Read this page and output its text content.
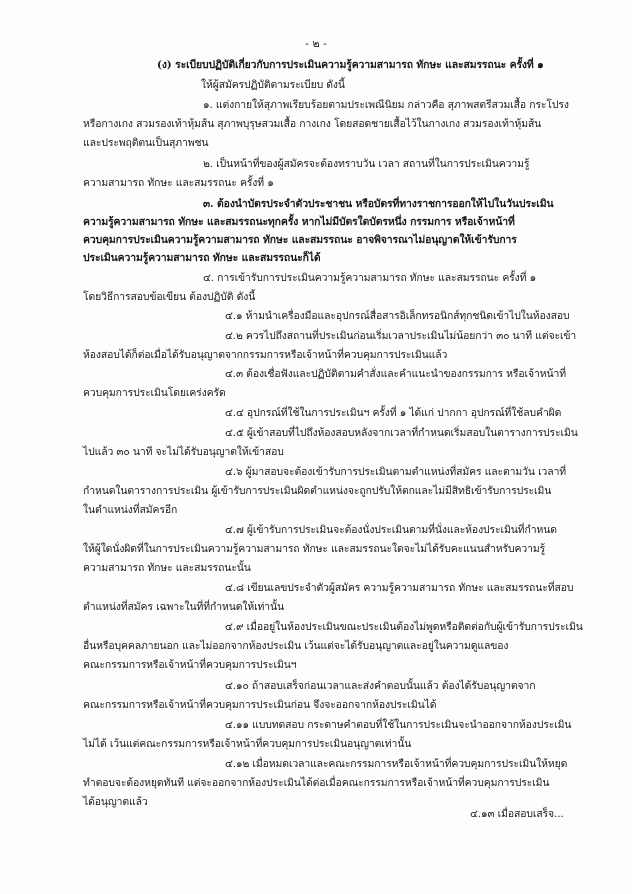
- ๒ -
(ง) ระเบียบปฏิบัติเกี่ยวกับการประเมินความรู้ความสามารถ ทักษะ และสมรรถนะ ครั้งที่ ๑
ให้ผู้สมัครปฏิบัติตามระเบียบ ดังนี้
๑. แต่งกายให้สุภาพเรียบร้อยตามประเพณีนิยม กล่าวคือ สุภาพสตรีสวมเสื้อ กระโปรง
หรือกางเกง สวมรองเท้าหุ้มส้น สุภาพบุรุษสวมเสื้อ กางเกง โดยสอดชายเสื้อไว้ในกางเกง สวมรองเท้าหุ้มส้น
และประพฤติตนเป็นสุภาพชน
๒. เป็นหน้าที่ของผู้สมัครจะต้องทราบวัน เวลา สถานที่ในการประเมินความรู้
ความสามารถ ทักษะ และสมรรถนะ ครั้งที่ ๑
๓. ต้องนำบัตรประจำตัวประชาชน หรือบัตรที่ทางราชการออกให้ไปในวันประเมิน
ความรู้ความสามารถ ทักษะ และสมรรถนะทุกครั้ง หากไม่มีบัตรใดบัตรหนึ่ง กรรมการ หรือเจ้าหน้าที่
ควบคุมการประเมินความรู้ความสามารถ ทักษะ และสมรรถนะ อาจพิจารณาไม่อนุญาตให้เข้ารับการ
ประเมินความรู้ความสามารถ ทักษะ และสมรรถนะก็ได้
๔. การเข้ารับการประเมินความรู้ความสามารถ ทักษะ และสมรรถนะ ครั้งที่ ๑
โดยวิธีการสอบข้อเขียน ต้องปฏิบัติ ดังนี้
๔.๑ ห้ามนำเครื่องมือและอุปกรณ์สื่อสารอิเล็กทรอนิกส์ทุกชนิดเข้าไปในห้องสอบ
๔.๒ ควรไปถึงสถานที่ประเมินก่อนเริ่มเวลาประเมินไม่น้อยกว่า ๓๐ นาที แต่จะเข้า
ห้องสอบได้ก็ต่อเมื่อได้รับอนุญาตจากกรรมการหรือเจ้าหน้าที่ควบคุมการประเมินแล้ว
๔.๓ ต้องเชื่อฟังและปฏิบัติตามคำสั่งและคำแนะนำของกรรมการ หรือเจ้าหน้าที่
ควบคุมการประเมินโดยเคร่งครัด
๔.๔ อุปกรณ์ที่ใช้ในการประเมินฯ ครั้งที่ ๑ ได้แก่ ปากกา อุปกรณ์ที่ใช้ลบคำผิด
๔.๕ ผู้เข้าสอบที่ไปถึงห้องสอบหลังจากเวลาที่กำหนดเริ่มสอบในตารางการประเมิน
ไปแล้ว ๓๐ นาที จะไม่ได้รับอนุญาตให้เข้าสอบ
๔.๖ ผู้มาสอบจะต้องเข้ารับการประเมินตามตำแหน่งที่สมัคร และตามวัน เวลาที่
กำหนดในตารางการประเมิน ผู้เข้ารับการประเมินผิดตำแหน่งจะถูกปรับให้ตกและไม่มีสิทธิเข้ารับการประเมิน
ในตำแหน่งที่สมัครอีก
๔.๗ ผู้เข้ารับการประเมินจะต้องนั่งประเมินตามที่นั่งและห้องประเมินที่กำหนด
ให้ผู้ใดนั่งผิดที่ในการประเมินความรู้ความสามารถ ทักษะ และสมรรถนะใดจะไม่ได้รับคะแนนสำหรับความรู้
ความสามารถ ทักษะ และสมรรถนะนั้น
๔.๘ เขียนเลขประจำตัวผู้สมัคร ความรู้ความสามารถ ทักษะ และสมรรถนะที่สอบ
ตำแหน่งที่สมัคร เฉพาะในที่ที่กำหนดให้เท่านั้น
๔.๙ เมื่ออยู่ในห้องประเมินขณะประเมินต้องไม่พูดหรือติดต่อกับผู้เข้ารับการประเมิน
อื่นหรือบุคคลภายนอก และไม่ออกจากห้องประเมิน เว้นแต่จะได้รับอนุญาตและอยู่ในความดูแลของ
คณะกรรมการหรือเจ้าหน้าที่ควบคุมการประเมินฯ
๔.๑๐ ถ้าสอบเสร็จก่อนเวลาและส่งคำตอบนั้นแล้ว ต้องได้รับอนุญาตจาก
คณะกรรมการหรือเจ้าหน้าที่ควบคุมการประเมินก่อน จึงจะออกจากห้องประเมินได้
๔.๑๑ แบบทดสอบ กระดาษคำตอบที่ใช้ในการประเมินจะนำออกจากห้องประเมิน
ไม่ได้ เว้นแต่คณะกรรมการหรือเจ้าหน้าที่ควบคุมการประเมินอนุญาตเท่านั้น
๔.๑๒ เมื่อหมดเวลาและคณะกรรมการหรือเจ้าหน้าที่ควบคุมการประเมินให้หยุด
ทำตอบจะต้องหยุดทันที แต่จะออกจากห้องประเมินได้ต่อเมื่อคณะกรรมการหรือเจ้าหน้าที่ควบคุมการประเมิน
ได้อนุญาตแล้ว
๔.๑๓ เมื่อสอบเสร็จ...
